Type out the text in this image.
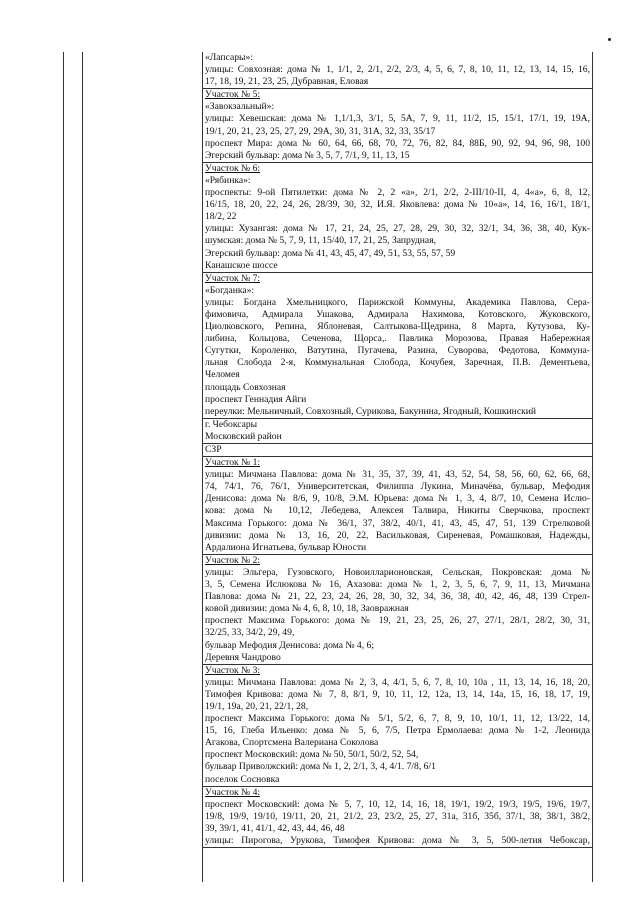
«Лапсары»:
улицы: Совхозная: дома № 1, 1/1, 2, 2/1, 2/2, 2/3, 4, 5, 6, 7, 8, 10, 11, 12, 13, 14, 15, 16,
17, 18, 19, 21, 23, 25, Дубравная, Еловая
Участок № 5:
«Завокзальный»:
улицы: Хевешская: дома № 1,1/1,3, 3/1, 5, 5А, 7, 9, 11, 11/2, 15, 15/1, 17/1, 19, 19А,
19/1, 20, 21, 23, 25, 27, 29, 29А, 30, 31, 31А, 32, 33, 35/17
проспект Мира: дома № 60, 64, 66, 68, 70, 72, 76, 82, 84, 88Б, 90, 92, 94, 96, 98, 100
Эгерский бульвар: дома № 3, 5, 7, 7/1, 9, 11, 13, 15
Участок № 6:
«Рябинка»:
проспекты: 9-ой Пятилетки: дома № 2, 2 «а», 2/1, 2/2, 2-III/10-II, 4, 4«а», 6, 8, 12,
16/15, 18, 20, 22, 24, 26, 28/39, 30, 32, И.Я. Яковлева: дома № 10«а», 14, 16, 16/1, 18/1,
18/2, 22
улицы: Хузангая: дома № 17, 21, 24, 25, 27, 28, 29, 30, 32, 32/1, 34, 36, 38, 40, Кук-
шумская: дома № 5, 7, 9, 11, 15/40, 17, 21, 25, Запрудная,
Эгерский бульвар: дома № 41, 43, 45, 47, 49, 51, 53, 55, 57, 59
Канашское шоссе
Участок № 7:
«Богданка»:
улицы: Богдана Хмельницкого, Парижской Коммуны, Академика Павлова, Сера-
фимовича, Адмирала Ушакова, Адмирала Нахимова, Котовского, Жуковского,
Циолковского, Репина, Яблоневая, Салтыкова-Щедрина, 8 Марта, Кутузова, Ку-
либина, Кольцова, Сеченова, Щорса,. Павлика Морозова, Правая Набережная
Сугутки, Короленко, Ватутина, Пугачева, Разина, Суворова, Федотова, Коммуна-
льная Слобода 2-я, Коммунальная Слобода, Кочубея, Заречная, П.В. Дементьева,
Челомея
площадь Совхозная
проспект Геннадия Айги
переулки: Мельничный, Совхозный, Сурикова, Бакунина, Ягодный, Кошкинский
г. Чебоксары
Московский район
СЗР
Участок № 1:
улицы: Мичмана Павлова: дома № 31, 35, 37, 39, 41, 43, 52, 54, 58, 56, 60, 62, 66, 68,
74, 74/1, 76, 76/1, Университетская, Филиппа Лукина, Миначёва, бульвар, Мефодия
Денисова: дома № 8/6, 9, 10/8, Э.М. Юрьева: дома № 1, 3, 4, 8/7, 10, Семена Ислю-
кова: дома № 10,12, Лебедева, Алексея Талвира, Никиты Сверчкова, проспект
Максима Горького: дома № 36/1, 37, 38/2, 40/1, 41, 43, 45, 47, 51, 139 Стрелковой
дивизии: дома № 13, 16, 20, 22, Васильковая, Сиреневая, Ромашковая, Надежды,
Ардалиона Игнатьева, бульвар Юности
Участок № 2:
улицы: Эльгера, Гузовского, Новоилларионовская, Сельская, Покровская: дома №
3, 5, Семена Ислюкова № 16, Ахазова: дома № 1, 2, 3, 5, 6, 7, 9, 11, 13, Мичмана
Павлова: дома № 21, 22, 23, 24, 26, 28, 30, 32, 34, 36, 38, 40, 42, 46, 48, 139 Стрел-
ковой дивизии: дома № 4, 6, 8, 10, 18, Заовражная
проспект Максима Горького: дома № 19, 21, 23, 25, 26, 27, 27/1, 28/1, 28/2, 30, 31,
32/25, 33, 34/2, 29, 49,
бульвар Мефодия Денисова: дома № 4, 6;
Деревня Чандрово
Участок № 3:
улицы: Мичмана Павлова: дома № 2, 3, 4, 4/1, 5, 6, 7, 8, 10, 10а , 11, 13, 14, 16, 18, 20,
Тимофея Кривова: дома № 7, 8, 8/1, 9, 10, 11, 12, 12а, 13, 14, 14а, 15, 16, 18, 17, 19,
19/1, 19а, 20, 21, 22/1, 28,
проспект Максима Горького: дома № 5/1, 5/2, 6, 7, 8, 9, 10, 10/1, 11, 12, 13/22, 14,
15, 16, Глеба Ильенко: дома № 5, 6, 7/5, Петра Ермолаева: дома № 1-2, Леонида
Агакова, Спортсмена Валериана Соколова
проспект Московский: дома № 50, 50/1, 50/2, 52, 54,
бульвар Приволжский: дома № 1, 2, 2/1, 3, 4, 4/1. 7/8, 6/1
поселок Сосновка
Участок № 4:
проспект Московский: дома № 5, 7, 10, 12, 14, 16, 18, 19/1, 19/2, 19/3, 19/5, 19/6, 19/7,
19/8, 19/9, 19/10, 19/11, 20, 21, 21/2, 23, 23/2, 25, 27, 31а, 31б, 35б, 37/1, 38, 38/1, 38/2,
39, 39/1, 41, 41/1, 42, 43, 44, 46, 48
улицы: Пирогова, Урукова, Тимофея Кривова: дома № 3, 5, 500-летия Чебоксар,
